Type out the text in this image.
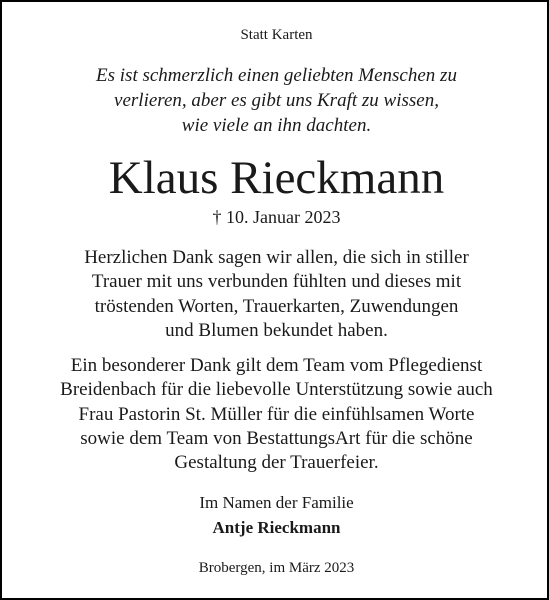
Statt Karten
Es ist schmerzlich einen geliebten Menschen zu
verlieren, aber es gibt uns Kraft zu wissen,
wie viele an ihn dachten.
Klaus Rieckmann
† 10. Januar 2023
Herzlichen Dank sagen wir allen, die sich in stiller
Trauer mit uns verbunden fühlten und dieses mit
tröstenden Worten, Trauerkarten, Zuwendungen
und Blumen bekundet haben.
Ein besonderer Dank gilt dem Team vom Pflegedienst
Breidenbach für die liebevolle Unterstützung sowie auch
Frau Pastorin St. Müller für die einfühlsamen Worte
sowie dem Team von BestattungsArt für die schöne
Gestaltung der Trauerfeier.
Im Namen der Familie
Antje Rieckmann
Brobergen, im März 2023
